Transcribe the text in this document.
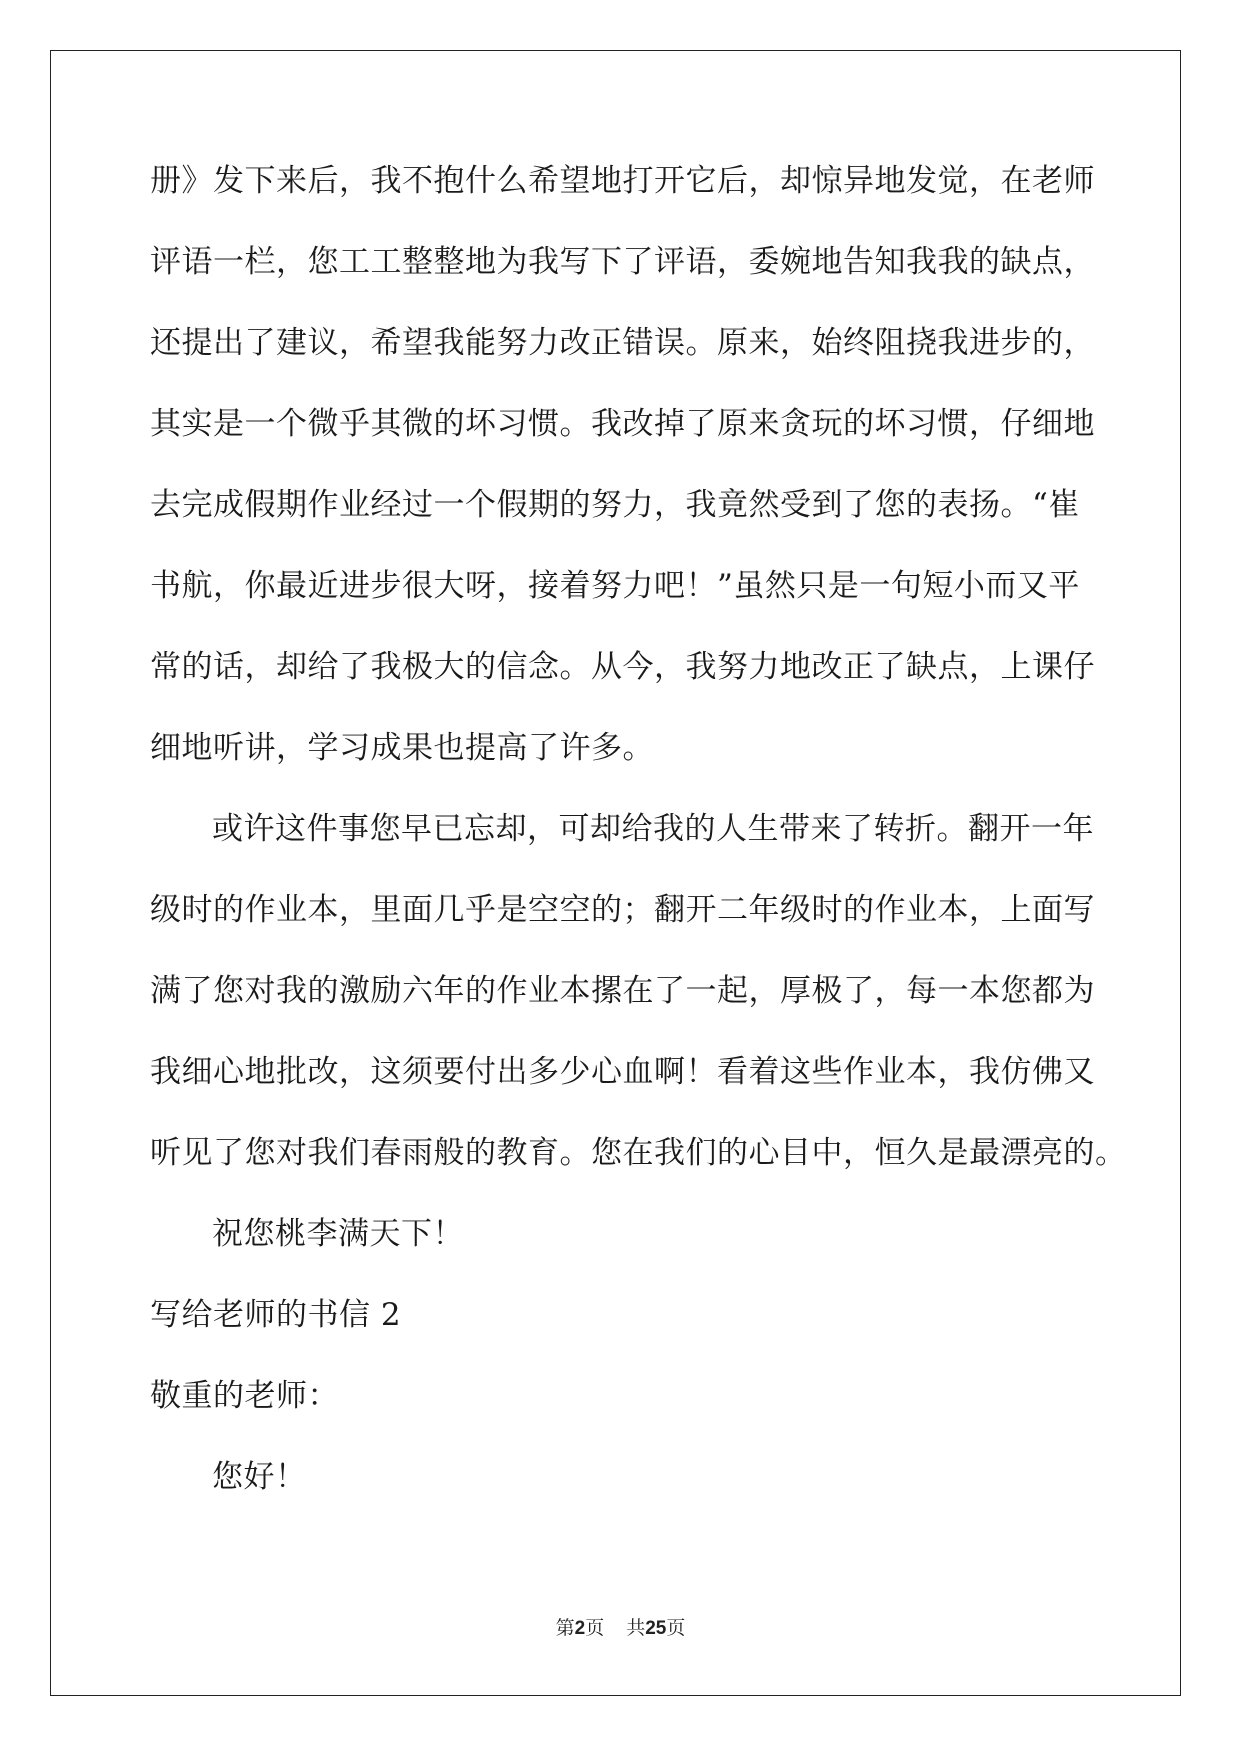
册》发下来后，我不抱什么希望地打开它后，却惊异地发觉，在老师
评语一栏，您工工整整地为我写下了评语，委婉地告知我我的缺点，
还提出了建议，希望我能努力改正错误。原来，始终阻挠我进步的，
其实是一个微乎其微的坏习惯。我改掉了原来贪玩的坏习惯，仔细地
去完成假期作业经过一个假期的努力，我竟然受到了您的表扬。“崔
书航，你最近进步很大呀，接着努力吧！”虽然只是一句短小而又平
常的话，却给了我极大的信念。从今，我努力地改正了缺点，上课仔
细地听讲，学习成果也提高了许多。
或许这件事您早已忘却，可却给我的人生带来了转折。翻开一年
级时的作业本，里面几乎是空空的；翻开二年级时的作业本，上面写
满了您对我的激励六年的作业本摞在了一起，厚极了，每一本您都为
我细心地批改，这须要付出多少心血啊！看着这些作业本，我仿佛又
听见了您对我们春雨般的教育。您在我们的心目中，恒久是最漂亮的。
祝您桃李满天下！
写给老师的书信 2
敬重的老师：
您好！
第2页 共25页
